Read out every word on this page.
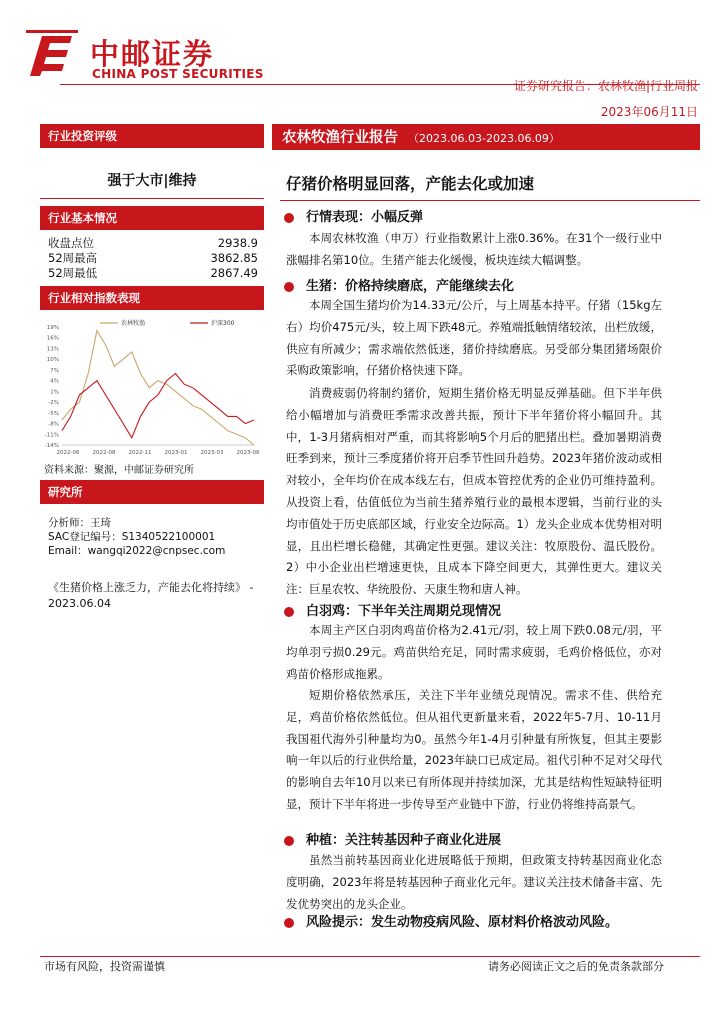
中邮证券
CHINA POST SECURITIES
证券研究报告：农林牧渔|行业周报
2023年06月11日
行业投资评级
强于大市|维持
行业基本情况
收盘点位	2938.9
52周最高	3862.85
52周最低	2867.49
行业相对指数表现
19%
16%
13%
10%
7%
4%
1%
-2%
-5%
-8%
-11%
-14%
2022-06 2022-08 2022-11 2023-01 2023-03 2023-06
农林牧渔	沪深300
资料来源：聚源，中邮证券研究所
研究所
分析师：王琦
SAC登记编号：S1340522100001
Email：wangqi2022@cnpsec.com
《生猪价格上涨乏力，产能去化将持续》 - 2023.06.04
农林牧渔行业报告 （2023.06.03-2023.06.09）
仔猪价格明显回落，产能去化或加速
行情表现：小幅反弹
本周农林牧渔（申万）行业指数累计上涨0.36%。在31个一级行业中涨幅排名第10位。生猪产能去化缓慢，板块连续大幅调整。
生猪：价格持续磨底，产能继续去化
本周全国生猪均价为14.33元/公斤，与上周基本持平。仔猪（15kg左右）均价475元/头，较上周下跌48元。养殖端抵触情绪较浓，出栏放缓，供应有所减少；需求端依然低迷，猪价持续磨底。另受部分集团猪场限价采购政策影响，仔猪价格快速下降。
消费疲弱仍将制约猪价，短期生猪价格无明显反弹基础。但下半年供给小幅增加与消费旺季需求改善共振，预计下半年猪价将小幅回升。其中，1-3月猪病相对严重，而其将影响5个月后的肥猪出栏。叠加暑期消费旺季到来，预计三季度猪价将开启季节性回升趋势。2023年猪价波动或相对较小，全年均价在成本线左右，但成本管控优秀的企业仍可维持盈利。从投资上看，估值低位为当前生猪养殖行业的最根本逻辑，当前行业的头均市值处于历史底部区域，行业安全边际高。1）龙头企业成本优势相对明显，且出栏增长稳健，其确定性更强。建议关注：牧原股份、温氏股份。2）中小企业出栏增速更快，且成本下降空间更大，其弹性更大。建议关注：巨星农牧、华统股份、天康生物和唐人神。
白羽鸡：下半年关注周期兑现情况
本周主产区白羽肉鸡苗价格为2.41元/羽，较上周下跌0.08元/羽，平均单羽亏损0.29元。鸡苗供给充足，同时需求疲弱，毛鸡价格低位，亦对鸡苗价格形成拖累。
短期价格依然承压，关注下半年业绩兑现情况。需求不佳、供给充足，鸡苗价格依然低位。但从祖代更新量来看，2022年5-7月、10-11月我国祖代海外引种量均为0。虽然今年1-4月引种量有所恢复，但其主要影响一年以后的行业供给量，2023年缺口已成定局。祖代引种不足对父母代的影响自去年10月以来已有所体现并持续加深，尤其是结构性短缺特征明显，预计下半年将进一步传导至产业链中下游，行业仍将维持高景气。
种植：关注转基因种子商业化进展
虽然当前转基因商业化进展略低于预期，但政策支持转基因商业化态度明确，2023年将是转基因种子商业化元年。建议关注技术储备丰富、先发优势突出的龙头企业。
风险提示：发生动物疫病风险、原材料价格波动风险。
市场有风险，投资需谨慎	请务必阅读正文之后的免责条款部分
